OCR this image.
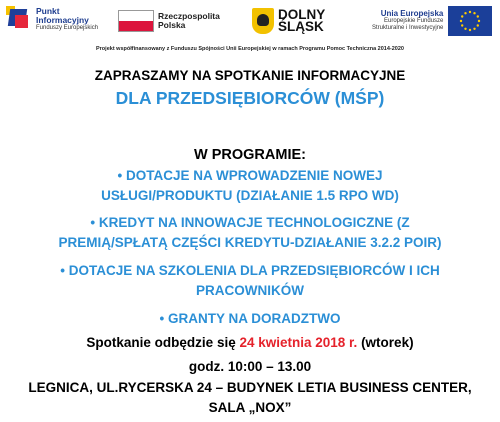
Punkt
Informacyjny
Funduszy Europejskich
Rzeczpospolita
Polska
DOLNY
ŚLĄSK
Unia Europejska
Europejskie Fundusze
Strukturalne i Inwestycyjne
Projekt współfinansowany z Funduszu Spójności Unii Europejskiej w ramach Programu Pomoc Techniczna 2014-2020
ZAPRASZAMY NA SPOTKANIE INFORMACYJNE
DLA PRZEDSIĘBIORCÓW (MŚP)
W PROGRAMIE:
• DOTACJE NA WPROWADZENIE NOWEJ
USŁUGI/PRODUKTU (DZIAŁANIE 1.5 RPO WD)
• KREDYT NA INNOWACJE TECHNOLOGICZNE (Z
PREMIĄ/SPŁATĄ CZĘŚCI KREDYTU-DZIAŁANIE 3.2.2 POIR)
• DOTACJE NA SZKOLENIA DLA PRZEDSIĘBIORCÓW I ICH
PRACOWNIKÓW
• GRANTY NA DORADZTWO
Spotkanie odbędzie się 24 kwietnia 2018 r. (wtorek)
godz. 10:00 – 13.00
LEGNICA, UL.RYCERSKA 24 – BUDYNEK LETIA BUSINESS CENTER,
SALA „NOX”
